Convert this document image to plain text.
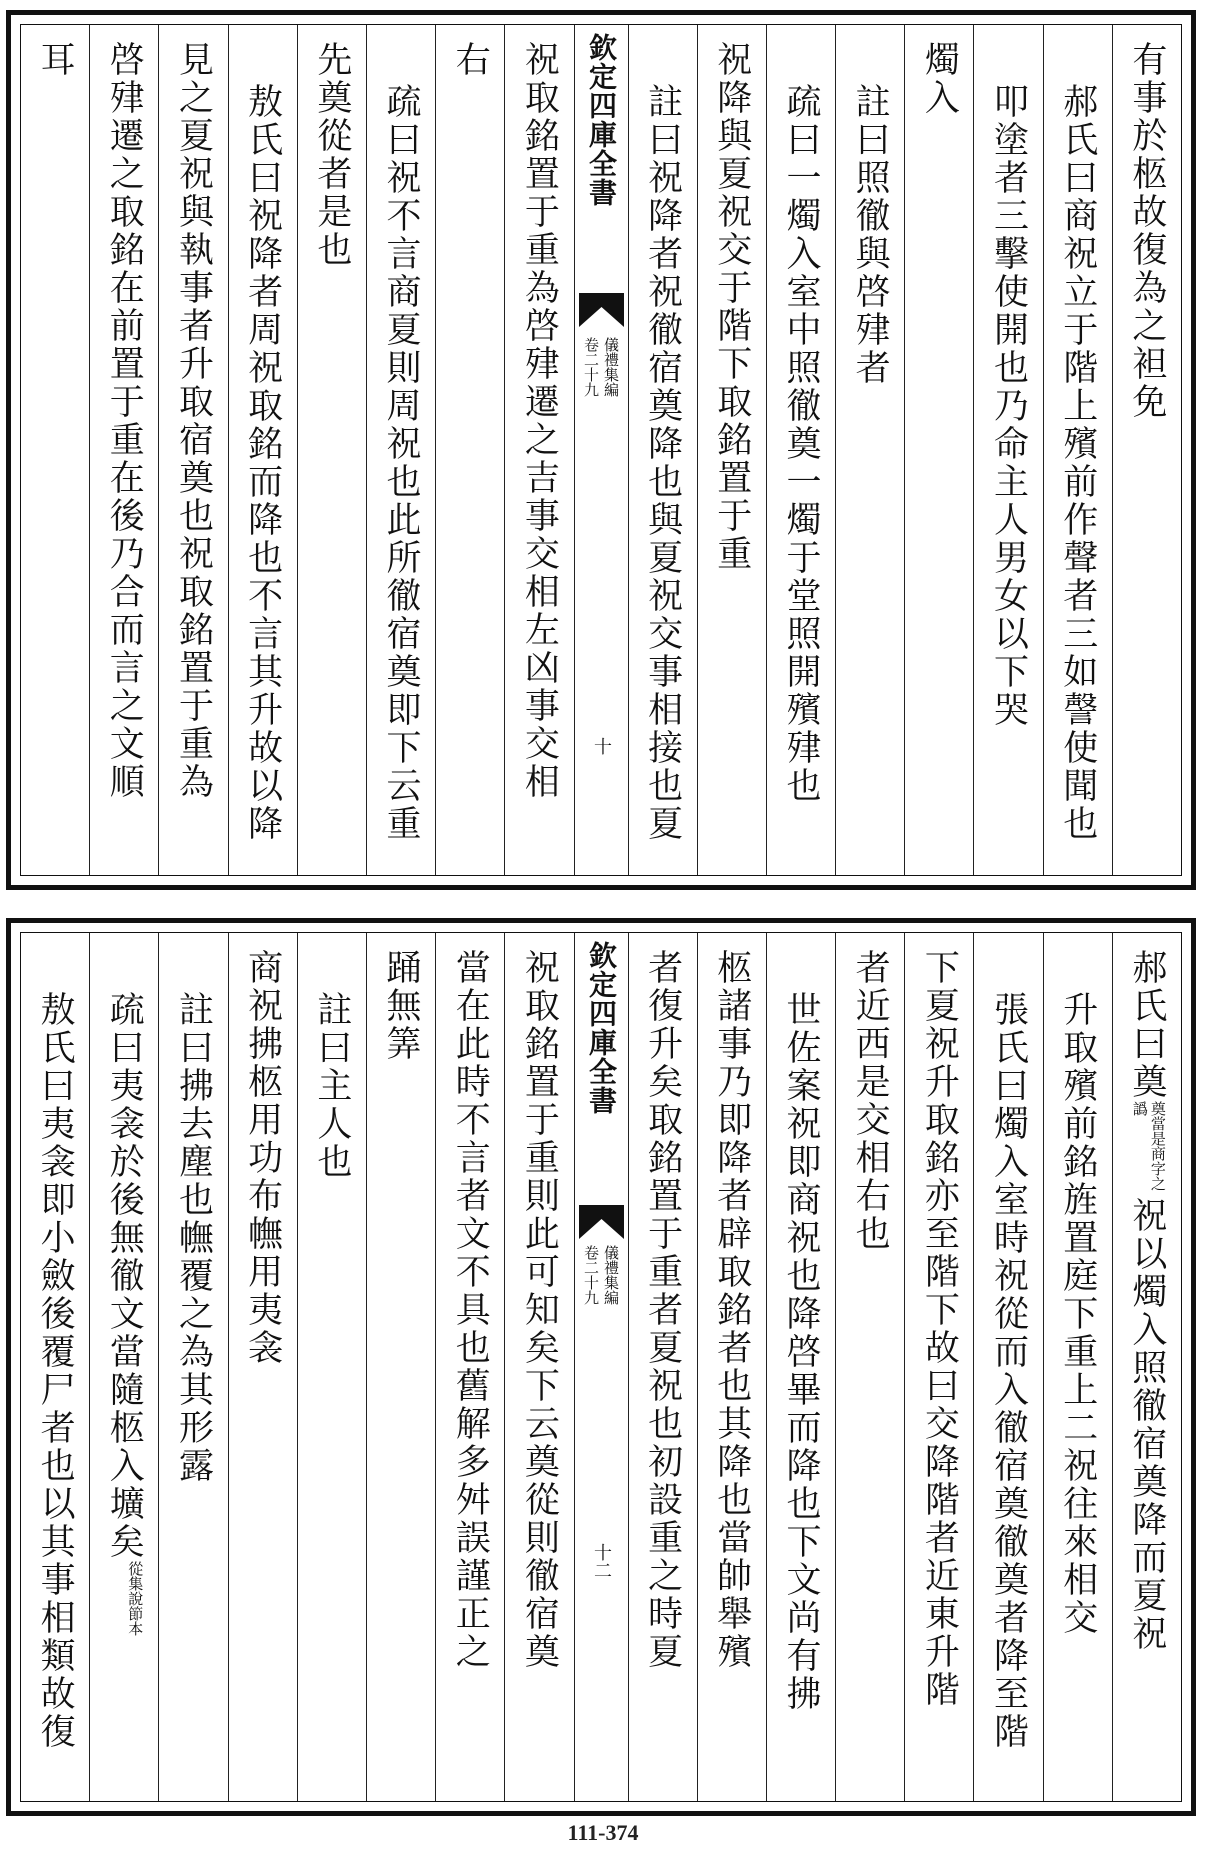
有事於柩故復為之袒免
郝氏曰商祝立于階上殯前作聲者三如謦使聞也
叩塗者三擊使開也乃命主人男女以下哭
燭入
註曰照徹與啓肂者
疏曰一燭入室中照徹奠一燭于堂照開殯肂也
祝降與夏祝交于階下取銘置于重
註曰祝降者祝徹宿奠降也與夏祝交事相接也夏
欽定四庫全書
儀禮集編
卷二十九
十
祝取銘置于重為啓肂遷之吉事交相左凶事交相
右
疏曰祝不言商夏則周祝也此所徹宿奠即下云重
先奠從者是也
敖氏曰祝降者周祝取銘而降也不言其升故以降
見之夏祝與執事者升取宿奠也祝取銘置于重為
啓肂遷之取銘在前置于重在後乃合而言之文順
耳
郝氏曰奠奠當是商字之譌祝以燭入照徹宿奠降而夏祝
升取殯前銘旌置庭下重上二祝往來相交
張氏曰燭入室時祝從而入徹宿奠徹奠者降至階
下夏祝升取銘亦至階下故曰交降階者近東升階
者近西是交相右也
世佐案祝即商祝也降啓畢而降也下文尚有拂
柩諸事乃即降者辟取銘者也其降也當帥舉殯
者復升矣取銘置于重者夏祝也初設重之時夏
欽定四庫全書
儀禮集編
卷二十九
十二
祝取銘置于重則此可知矣下云奠從則徹宿奠
當在此時不言者文不具也舊解多舛誤謹正之
踊無筭
註曰主人也
商祝拂柩用功布幠用夷衾
註曰拂去塵也幠覆之為其形露
疏曰夷衾於後無徹文當隨柩入壙矣從集說節本
敖氏曰夷衾即小斂後覆尸者也以其事相類故復
111-374
